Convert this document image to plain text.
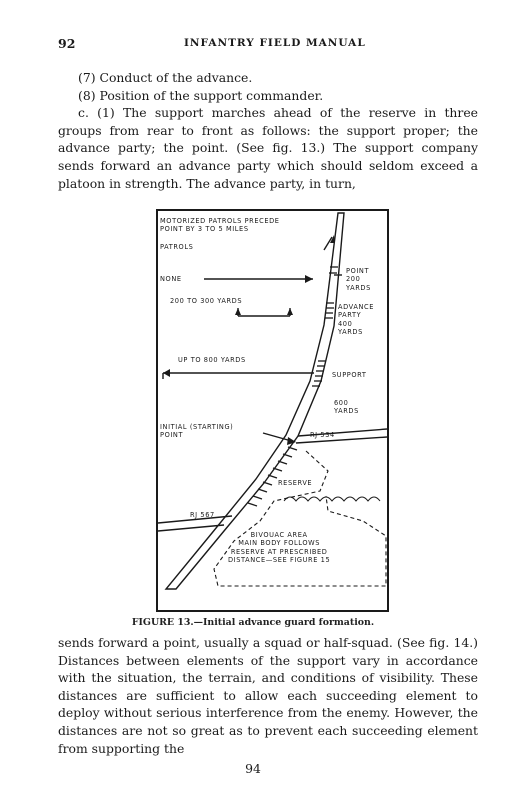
92	INFANTRY FIELD MANUAL
(7) Conduct of the advance.
(8) Position of the support commander.
c. (1) The support marches ahead of the reserve in three groups from rear to front as follows: the support proper; the advance party; the point. (See fig. 13.) The support company sends forward an advance party which should seldom exceed a platoon in strength. The advance party, in turn,
MOTORIZED PATROLS PRECEDE
POINT BY 3 TO 5 MILES
PATROLS
NONE
POINT
200
YARDS
200 TO 300 YARDS
ADVANCE
PARTY
400
YARDS
UP TO 800 YARDS
SUPPORT
600
YARDS
INITIAL (STARTING)
POINT	RJ 534
RESERVE
RJ 567
BIVOUAC AREA
MAIN BODY FOLLOWS
RESERVE AT PRESCRIBED
DISTANCE—SEE FIGURE 15
FIGURE 13.—Initial advance guard formation.
sends forward a point, usually a squad or half-squad. (See fig. 14.) Distances between elements of the support vary in accordance with the situation, the terrain, and conditions of visibility. These distances are sufficient to allow each succeeding element to deploy without serious interference from the enemy. However, the distances are not so great as to prevent each succeeding element from supporting the
94
